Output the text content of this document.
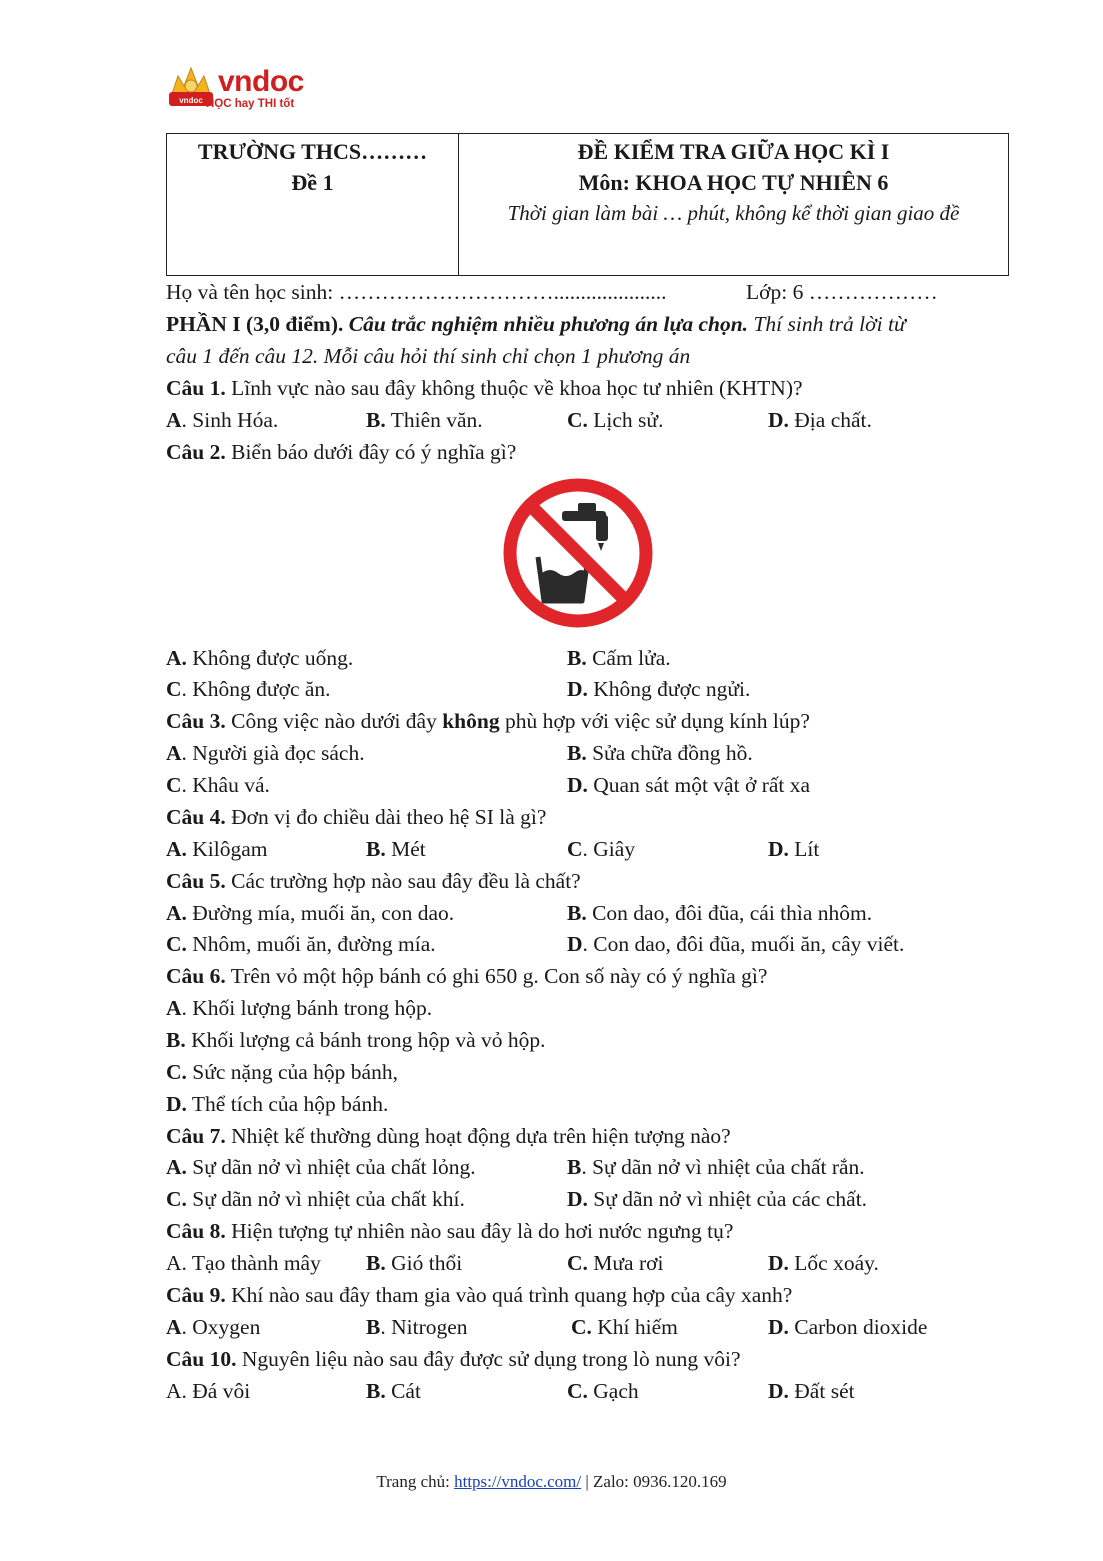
vndoc
vndoc
HỌC hay THI tốt
TRƯỜNG THCS………
Đề 1
ĐỀ KIỂM TRA GIỮA HỌC KÌ I
Môn: KHOA HỌC TỰ NHIÊN 6
Thời gian làm bài … phút, không kể thời gian giao đề
Họ và tên học sinh: ………………………….....................	Lớp: 6 ………………
PHẦN I (3,0 điểm). Câu trắc nghiệm nhiều phương án lựa chọn. Thí sinh trả lời từ
câu 1 đến câu 12. Mỗi câu hỏi thí sinh chỉ chọn 1 phương án
Câu 1. Lĩnh vực nào sau đây không thuộc về khoa học tư nhiên (KHTN)?
A. Sinh Hóa.	B. Thiên văn.	C. Lịch sử.	D. Địa chất.
Câu 2. Biển báo dưới đây có ý nghĩa gì?
A. Không được uống.	B. Cấm lửa.
C. Không được ăn.	D. Không được ngửi.
Câu 3. Công việc nào dưới đây không phù hợp với việc sử dụng kính lúp?
A. Người già đọc sách.	B. Sửa chữa đồng hồ.
C. Khâu vá.	D. Quan sát một vật ở rất xa
Câu 4. Đơn vị đo chiều dài theo hệ SI là gì?
A. Kilôgam	B. Mét	C. Giây	D. Lít
Câu 5. Các trường hợp nào sau đây đều là chất?
A. Đường mía, muối ăn, con dao.	B. Con dao, đôi đũa, cái thìa nhôm.
C. Nhôm, muối ăn, đường mía.	D. Con dao, đôi đũa, muối ăn, cây viết.
Câu 6. Trên vỏ một hộp bánh có ghi 650 g. Con số này có ý nghĩa gì?
A. Khối lượng bánh trong hộp.
B. Khối lượng cả bánh trong hộp và vỏ hộp.
C. Sức nặng của hộp bánh,
D. Thể tích của hộp bánh.
Câu 7. Nhiệt kế thường dùng hoạt động dựa trên hiện tượng nào?
A. Sự dãn nở vì nhiệt của chất lỏng.	B. Sự dãn nở vì nhiệt của chất rắn.
C. Sự dãn nở vì nhiệt của chất khí.	D. Sự dãn nở vì nhiệt của các chất.
Câu 8. Hiện tượng tự nhiên nào sau đây là do hơi nước ngưng tụ?
A. Tạo thành mây B. Gió thổi	C. Mưa rơi	D. Lốc xoáy.
Câu 9. Khí nào sau đây tham gia vào quá trình quang hợp của cây xanh?
A. Oxygen	B. Nitrogen	C. Khí hiếm	D. Carbon dioxide
Câu 10. Nguyên liệu nào sau đây được sử dụng trong lò nung vôi?
A. Đá vôi	B. Cát	C. Gạch	D. Đất sét
Trang chủ: https://vndoc.com/ | Zalo: 0936.120.169
